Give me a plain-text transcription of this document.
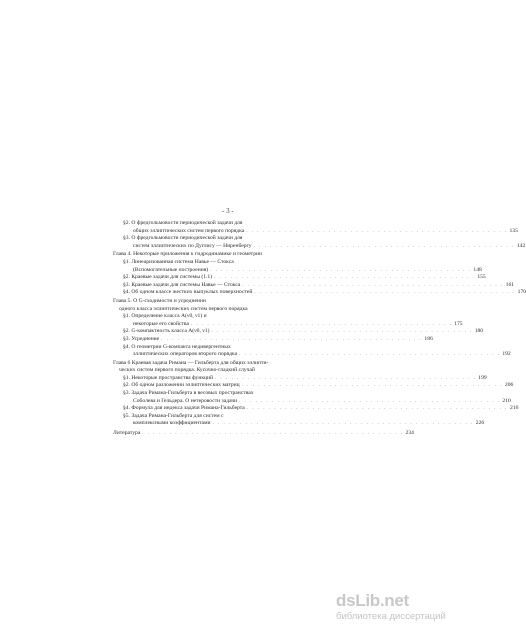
- 3 -
§2. О фредгольмовости периодической задачи для
общих эллиптических систем первого порядка . . . . . . . . . . . . . . . . . . . . . . . . . . . . . . . . . . . . . . . . . . . . . . . . 135
§3. О фредгольмовости периодической задачи для
систем эллиптических по Дуглису — Ниренбергу . . . . . . . . . . . . . . . . . . . . . . . . . . . . . . . . . . . . . . . . . . . . . . . . 142
Глава 4. Некоторые приложения к гидродинамике и геометрии
§1. Линеаризованная система Навье — Стокса
(Вспомогательные построения) . . . . . . . . . . . . . . . . . . . . . . . . . . . . . . . . . . . . . . . . . . . . . . . . 148
§2. Краевые задачи для системы (1.1) . . . . . . . . . . . . . . . . . . . . . . . . . . . . . . . . . . . . . . . . . . . . . . . . 155
§3. Краевые задачи для системы Навье — Стокса . . . . . . . . . . . . . . . . . . . . . . . . . . . . . . . . . . . . . . . . . . . . . . . . 161
§4. Об одном классе жестких выпуклых поверхностей . . . . . . . . . . . . . . . . . . . . . . . . . . . . . . . . . . . . . . . . . . . . . . . . 170
Глава 5. О G-сходимости и усреднении
одного класса эллиптических систем первого порядка
§1. Определение класса A(ν0, ν1) и
некоторые его свойства . . . . . . . . . . . . . . . . . . . . . . . . . . . . . . . . . . . . . . . . . . . . . . . . 175
§2. G-компактность класса A(ν0, ν1) . . . . . . . . . . . . . . . . . . . . . . . . . . . . . . . . . . . . . . . . . . . . . . . . 180
§3. Усреднение . . . . . . . . . . . . . . . . . . . . . . . . . . . . . . . . . . . . . . . . . . . . . . . . 186
§4. О геометрии G-компакта недивергентных
эллиптических операторов второго порядка . . . . . . . . . . . . . . . . . . . . . . . . . . . . . . . . . . . . . . . . . . . . . . . . 192
Глава 6 Краевая задача Римана — Гильберта для общих эллипти-
ческих систем первого порядка. Кусочно-гладкий случай
§1. Некоторые пространства функций . . . . . . . . . . . . . . . . . . . . . . . . . . . . . . . . . . . . . . . . . . . . . . . . 199
§2. Об одном разложении эллиптических матриц . . . . . . . . . . . . . . . . . . . . . . . . . . . . . . . . . . . . . . . . . . . . . . . . 206
§3. Задача Римана-Гильберта в весовых пространствах
Соболева и Гельдера. О нетеровости задачи . . . . . . . . . . . . . . . . . . . . . . . . . . . . . . . . . . . . . . . . . . . . . . . . 210
§4. Формула для индекса задачи Римана-Гильберта . . . . . . . . . . . . . . . . . . . . . . . . . . . . . . . . . . . . . . . . . . . . . . . . 216
§5. Задача Римана-Гильберта для систем с
комплексными коэффициентами . . . . . . . . . . . . . . . . . . . . . . . . . . . . . . . . . . . . . . . . . . . . . . . . 226
Литература . . . . . . . . . . . . . . . . . . . . . . . . . . . . . . . . . . . . . . . . . . . . . . . . 234
dsLib.net
библиотека диссертаций
